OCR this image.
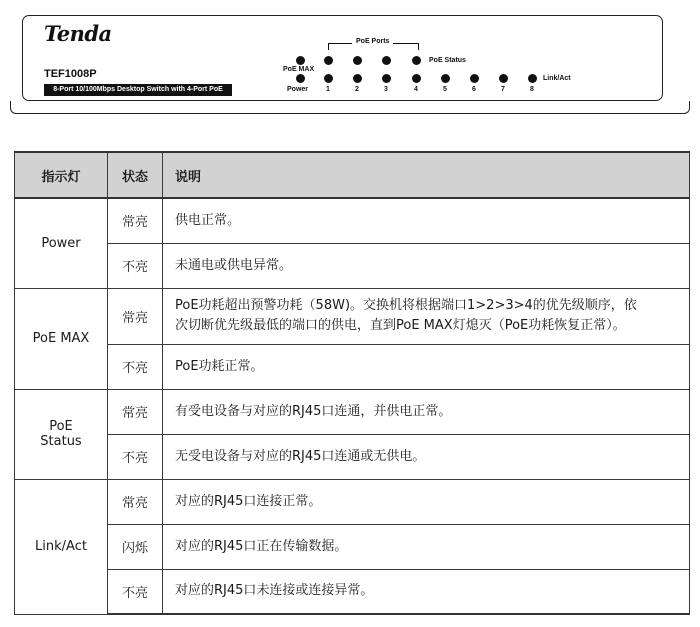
Tenda
TEF1008P
8-Port 10/100Mbps Desktop Switch with 4-Port PoE
PoE MAX
Power
PoE Ports
PoE Status
Link/Act
1	2	3	4	5	6	7	8
指示灯	状态	说明
Power	常亮	供电正常。
	不亮	未通电或供电异常。
PoE MAX	常亮	PoE功耗超出预警功耗（58W)。交换机将根据端口1>2>3>4的优先级顺序，依
次切断优先级最低的端口的供电，直到PoE MAX灯熄灭（PoE功耗恢复正常）。

	不亮	PoE功耗正常。
PoE Status	常亮	有受电设备与对应的RJ45口连通，并供电正常。
	不亮	无受电设备与对应的RJ45口连通或无供电。
Link/Act	常亮	对应的RJ45口连接正常。
	闪烁	对应的RJ45口正在传输数据。
	不亮	对应的RJ45口未连接或连接异常。
